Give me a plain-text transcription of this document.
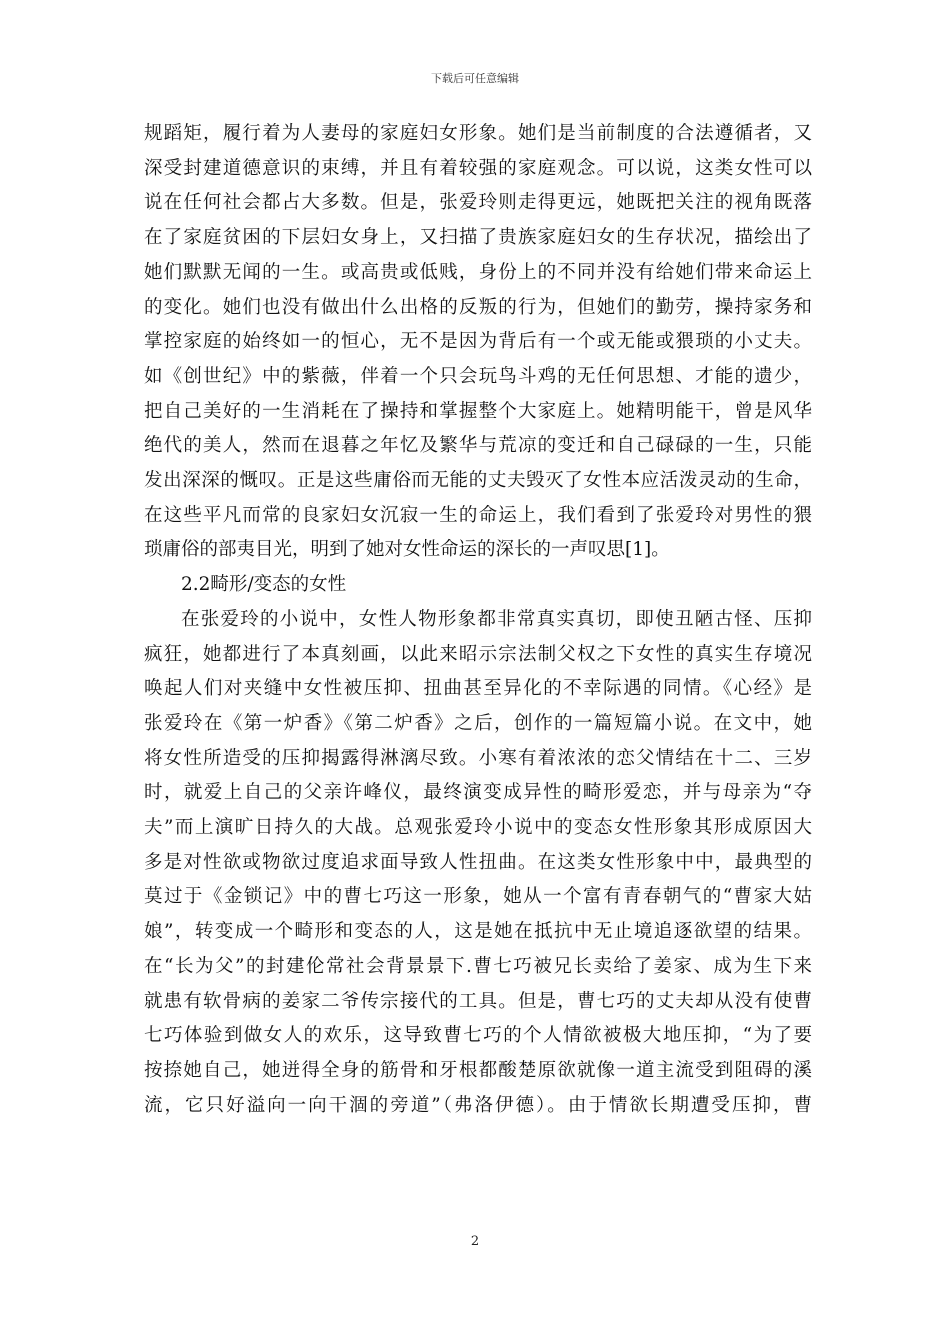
下载后可任意编辑
规蹈矩，履行着为人妻母的家庭妇女形象。她们是当前制度的合法遵循者，又
深受封建道德意识的束缚，并且有着较强的家庭观念。可以说，这类女性可以
说在任何社会都占大多数。但是，张爱玲则走得更远，她既把关注的视角既落
在了家庭贫困的下层妇女身上，又扫描了贵族家庭妇女的生存状况，描绘出了
她们默默无闻的一生。或高贵或低贱，身份上的不同并没有给她们带来命运上
的变化。她们也没有做出什么出格的反叛的行为，但她们的勤劳，操持家务和
掌控家庭的始终如一的恒心，无不是因为背后有一个或无能或猥琐的小丈夫。
如《创世纪》中的紫薇，伴着一个只会玩鸟斗鸡的无任何思想、才能的遗少，
把自己美好的一生消耗在了操持和掌握整个大家庭上。她精明能干，曾是风华
绝代的美人，然而在退暮之年忆及繁华与荒凉的变迁和自己碌碌的一生，只能
发出深深的慨叹。正是这些庸俗而无能的丈夫毁灭了女性本应活泼灵动的生命，
在这些平凡而常的良家妇女沉寂一生的命运上，我们看到了张爱玲对男性的猥
琐庸俗的部夷目光，明到了她对女性命运的深长的一声叹思[1]。
2.2畸形/变态的女性
在张爱玲的小说中，女性人物形象都非常真实真切，即使丑陋古怪、压抑
疯狂，她都进行了本真刻画，以此来昭示宗法制父权之下女性的真实生存境况
唤起人们对夹缝中女性被压抑、扭曲甚至异化的不幸际遇的同情。《心经》是
张爱玲在《第一炉香》《第二炉香》之后，创作的一篇短篇小说。在文中，她
将女性所造受的压抑揭露得淋漓尽致。小寒有着浓浓的恋父情结在十二、三岁
时，就爱上自己的父亲许峰仪，最终演变成异性的畸形爱恋，并与母亲为“夺
夫”而上演旷日持久的大战。总观张爱玲小说中的变态女性形象其形成原因大
多是对性欲或物欲过度追求面导致人性扭曲。在这类女性形象中中，最典型的
莫过于《金锁记》中的曹七巧这一形象，她从一个富有青春朝气的“曹家大姑
娘”，转变成一个畸形和变态的人，这是她在抵抗中无止境追逐欲望的结果。
在“长为父”的封建伦常社会背景景下.曹七巧被兄长卖给了姜家、成为生下来
就患有软骨病的姜家二爷传宗接代的工具。但是，曹七巧的丈夫却从没有使曹
七巧体验到做女人的欢乐，这导致曹七巧的个人情欲被极大地压抑，“为了要
按捺她自己，她迸得全身的筋骨和牙根都酸楚原欲就像一道主流受到阻碍的溪
流，它只好溢向一向干涸的旁道”（弗洛伊德）。由于情欲长期遭受压抑，曹
2
